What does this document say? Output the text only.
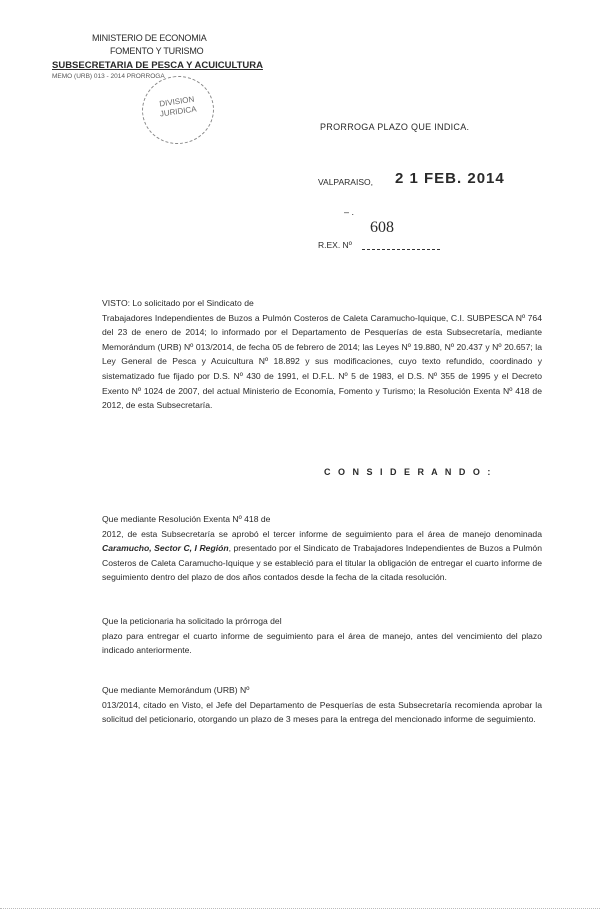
MINISTERIO DE ECONOMIA
FOMENTO Y TURISMO
SUBSECRETARIA DE PESCA Y ACUICULTURA
MEMO (URB) 013 - 2014 PRORROGA
DIVISION JURIDICA
PRORROGA PLAZO QUE INDICA.
VALPARAISO, 2 1 FEB. 2014
– .
608
R.EX. Nº
VISTO: Lo solicitado por el Sindicato de
Trabajadores Independientes de Buzos a Pulmón Costeros de Caleta Caramucho-Iquique, C.I. SUBPESCA Nº 764 del 23 de enero de 2014; lo informado por el Departamento de Pesquerías de esta Subsecretaría, mediante Memorándum (URB) Nº 013/2014, de fecha 05 de febrero de 2014; las Leyes Nº 19.880, Nº 20.437 y Nº 20.657; la Ley General de Pesca y Acuicultura Nº 18.892 y sus modificaciones, cuyo texto refundido, coordinado y sistematizado fue fijado por D.S. Nº 430 de 1991, el D.F.L. Nº 5 de 1983, el D.S. Nº 355 de 1995 y el Decreto Exento Nº 1024 de 2007, del actual Ministerio de Economía, Fomento y Turismo; la Resolución Exenta Nº 418 de 2012, de esta Subsecretaría.
C O N S I D E R A N D O :
Que mediante Resolución Exenta Nº 418 de
2012, de esta Subsecretaría se aprobó el tercer informe de seguimiento para el área de manejo denominada Caramucho, Sector C, I Región, presentado por el Sindicato de Trabajadores Independientes de Buzos a Pulmón Costeros de Caleta Caramucho-Iquique y se estableció para el titular la obligación de entregar el cuarto informe de seguimiento dentro del plazo de dos años contados desde la fecha de la citada resolución.
Que la peticionaria ha solicitado la prórroga del
plazo para entregar el cuarto informe de seguimiento para el área de manejo, antes del vencimiento del plazo indicado anteriormente.
Que mediante Memorándum (URB) Nº
013/2014, citado en Visto, el Jefe del Departamento de Pesquerías de esta Subsecretaría recomienda aprobar la solicitud del peticionario, otorgando un plazo de 3 meses para la entrega del mencionado informe de seguimiento.
